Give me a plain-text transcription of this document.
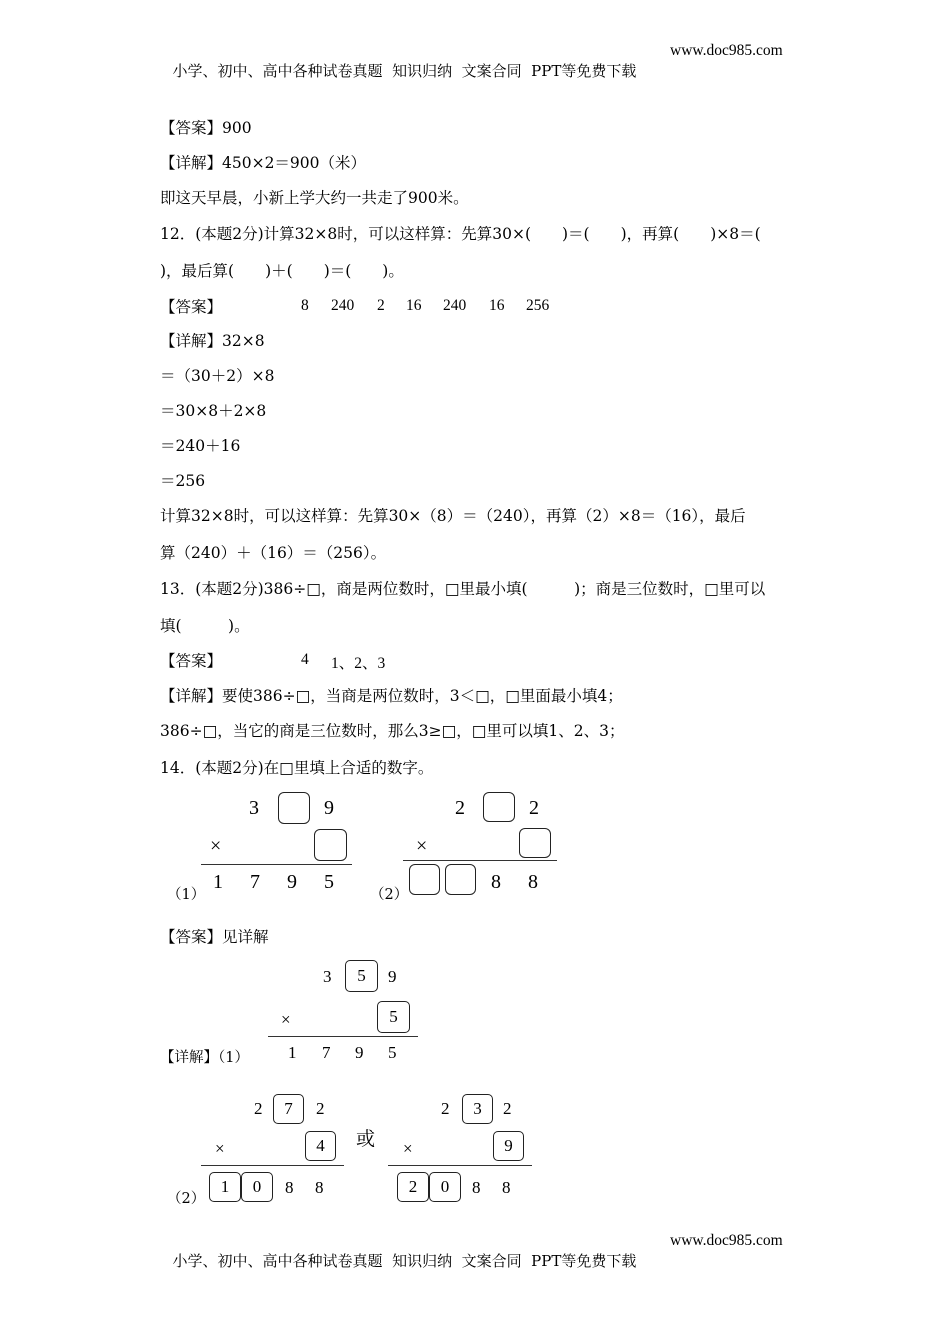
小学、初中、高中各种试卷真题  知识归纳  文案合同  PPT等免费下载

www.doc985.com

【答案】900
【详解】450×2＝900（米）
即这天早晨，小新上学大约一共走了900米。
12．(本题2分)计算32×8时，可以这样算：先算30×(　　)＝(　　)，再算(　　)×8＝(
)，最后算(　　)＋(　　)＝(　　)。
【答案】	8 240 2 16 240 16 256
【详解】32×8
＝（30＋2）×8
＝30×8＋2×8
＝240＋16
＝256
计算32×8时，可以这样算：先算30×（8）＝（240），再算（2）×8＝（16），最后
算（240）＋（16）＝（256）。
13．(本题2分)386÷□，商是两位数时，□里最小填(　　　)；商是三位数时，□里可以
填(　　　)。
【答案】	4 1、2、3
【详解】要使386÷□，当商是两位数时，3＜□，□里面最小填4；
386÷□，当它的商是三位数时，那么3≥□，□里可以填1、2、3；
14．(本题2分)在□里填上合适的数字。
3	9
×
（1）
1 7 9 5
2	2
×
（2）
8 8
【答案】见详解
3	5	9
×	5
【详解】（1） 1 7 9 5
2	7	2
×	4
（2）
1	0	8 8
或
2	3	2
×	9
2	0	8 8

小学、初中、高中各种试卷真题  知识归纳  文案合同  PPT等免费下载

www.doc985.com
